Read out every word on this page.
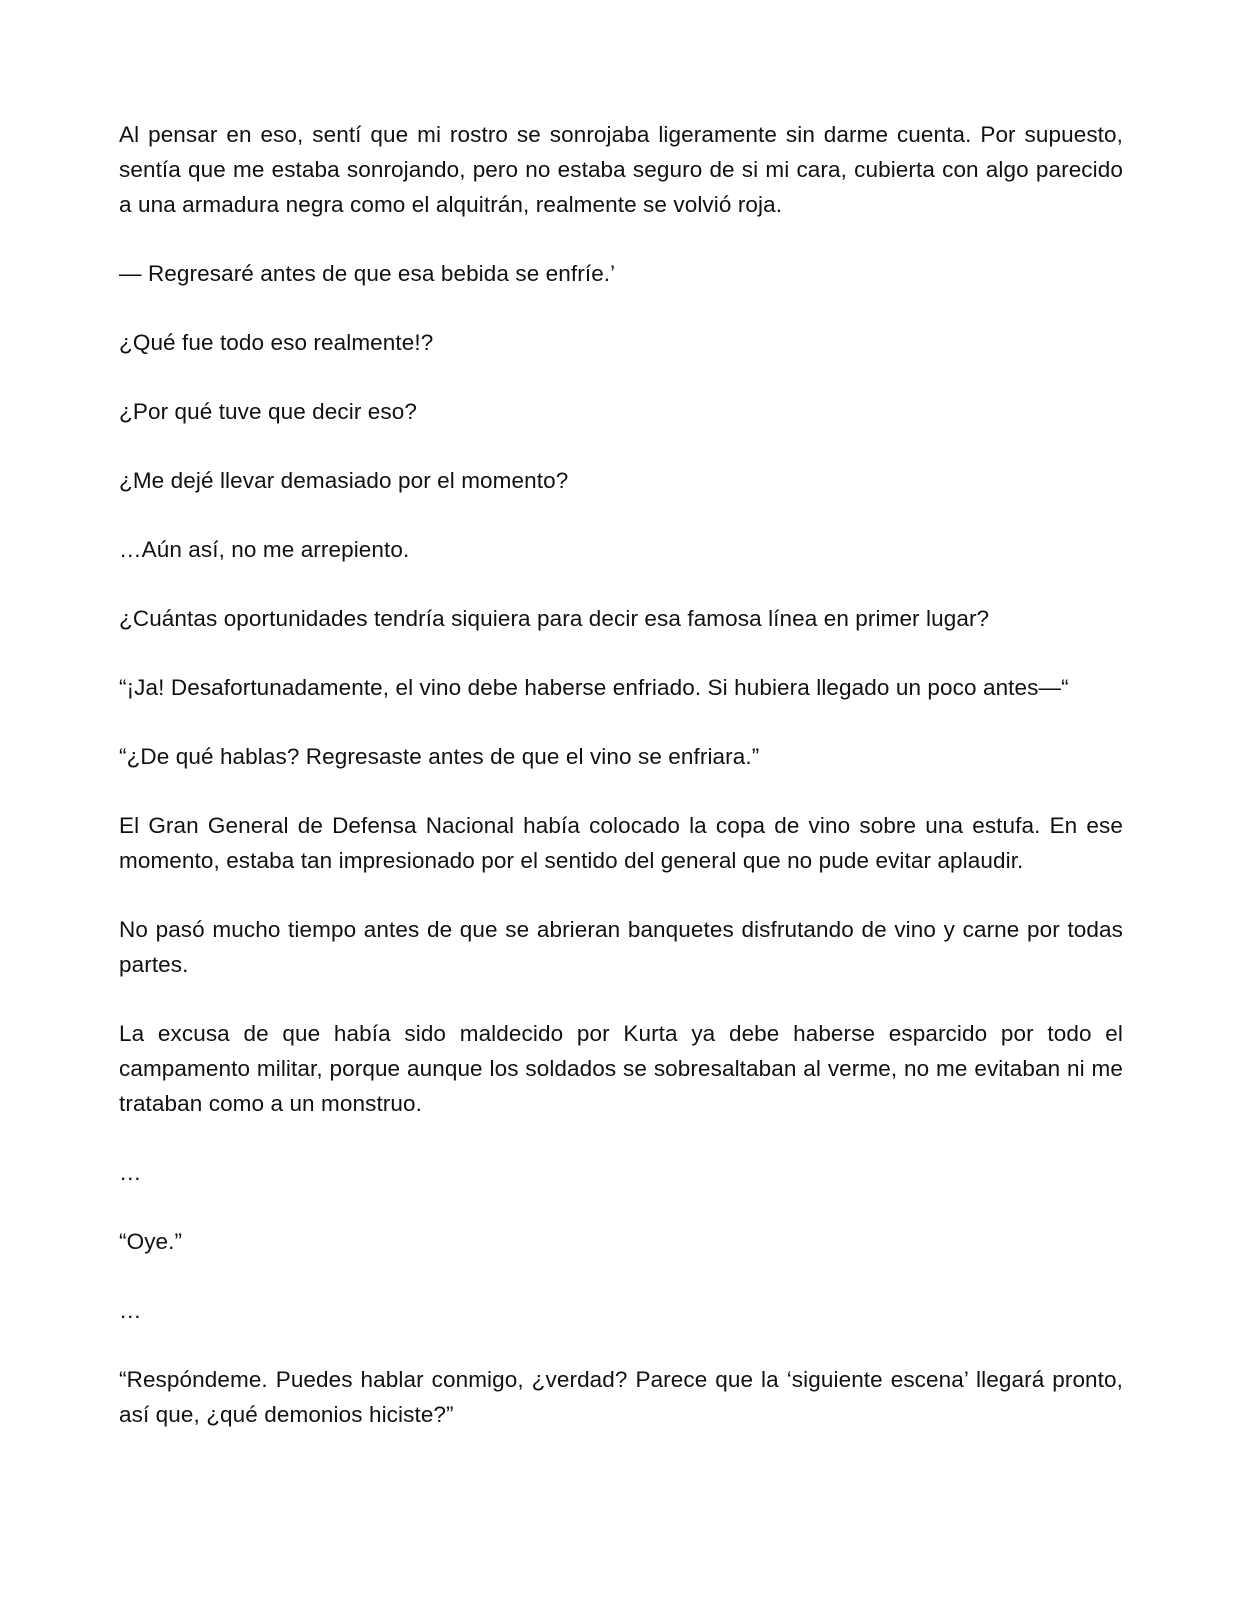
Al pensar en eso, sentí que mi rostro se sonrojaba ligeramente sin darme cuenta. Por supuesto, sentía que me estaba sonrojando, pero no estaba seguro de si mi cara, cubierta con algo parecido a una armadura negra como el alquitrán, realmente se volvió roja.

— Regresaré antes de que esa bebida se enfríe.’

¿Qué fue todo eso realmente!?

¿Por qué tuve que decir eso?

¿Me dejé llevar demasiado por el momento?

…Aún así, no me arrepiento.

¿Cuántas oportunidades tendría siquiera para decir esa famosa línea en primer lugar?

“¡Ja! Desafortunadamente, el vino debe haberse enfriado. Si hubiera llegado un poco antes—“

“¿De qué hablas? Regresaste antes de que el vino se enfriara.”

El Gran General de Defensa Nacional había colocado la copa de vino sobre una estufa. En ese momento, estaba tan impresionado por el sentido del general que no pude evitar aplaudir.

No pasó mucho tiempo antes de que se abrieran banquetes disfrutando de vino y carne por todas partes.

La excusa de que había sido maldecido por Kurta ya debe haberse esparcido por todo el campamento militar, porque aunque los soldados se sobresaltaban al verme, no me evitaban ni me trataban como a un monstruo.

…

“Oye.”

…

“Respóndeme. Puedes hablar conmigo, ¿verdad? Parece que la ‘siguiente escena’ llegará pronto, así que, ¿qué demonios hiciste?”
